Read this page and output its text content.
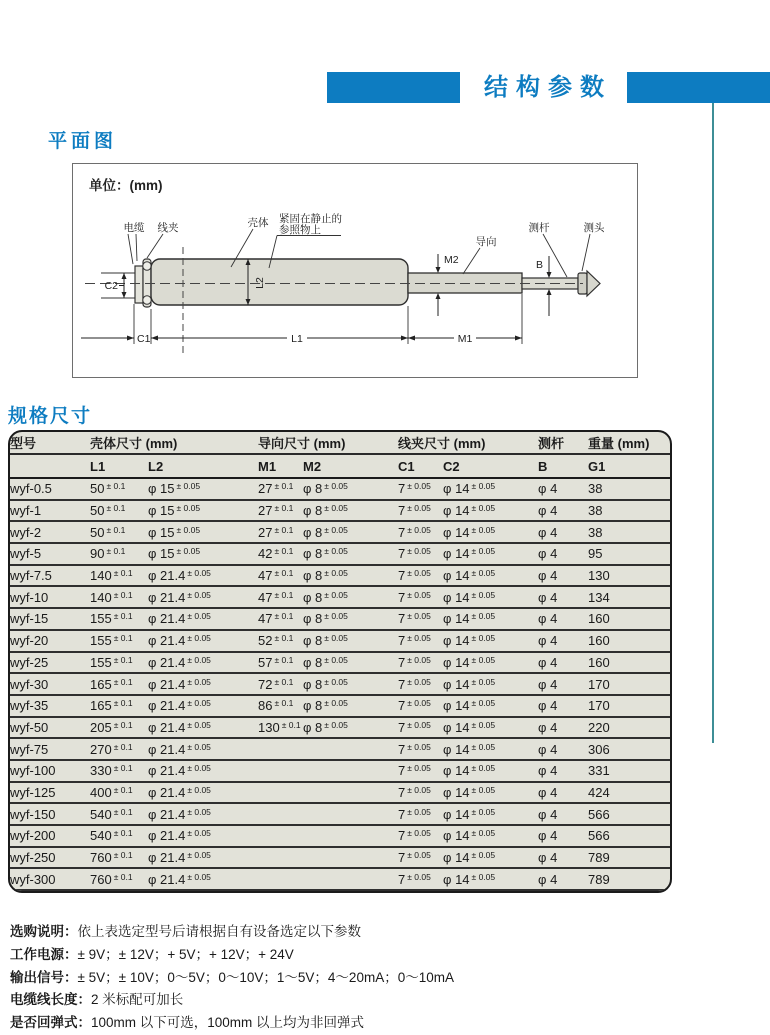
结构参数
平面图
单位：(mm)
C2	L2
C1	L1	M1
M2	B
电缆 线夹	壳体 紧固在静止的
参照物上
导向
测杆	测头
规格尺寸
型号	壳体尺寸 (mm)		导向尺寸 (mm)		线夹尺寸 (mm)		测杆	重量 (mm)	
	L1	L2	M1	M2	C1	C2	B	G1	
wyf-0.5	50 $^{\pm 0.1}$	φ 15 $^{\pm 0.05}$	27 $^{\pm 0.1}$	φ 8 $^{\pm 0.05}$	7 $^{\pm 0.05}$	φ 14 $^{\pm 0.05}$	φ 4	38	
wyf-1	50 $^{\pm 0.1}$	φ 15 $^{\pm 0.05}$	27 $^{\pm 0.1}$	φ 8 $^{\pm 0.05}$	7 $^{\pm 0.05}$	φ 14 $^{\pm 0.05}$	φ 4	38	
wyf-2	50 $^{\pm 0.1}$	φ 15 $^{\pm 0.05}$	27 $^{\pm 0.1}$	φ 8 $^{\pm 0.05}$	7 $^{\pm 0.05}$	φ 14 $^{\pm 0.05}$	φ 4	38	
wyf-5	90 $^{\pm 0.1}$	φ 15 $^{\pm 0.05}$	42 $^{\pm 0.1}$	φ 8 $^{\pm 0.05}$	7 $^{\pm 0.05}$	φ 14 $^{\pm 0.05}$	φ 4	95	
wyf-7.5	140 $^{\pm 0.1}$	φ 21.4 $^{\pm 0.05}$	47 $^{\pm 0.1}$	φ 8 $^{\pm 0.05}$	7 $^{\pm 0.05}$	φ 14 $^{\pm 0.05}$	φ 4	130	
wyf-10	140 $^{\pm 0.1}$	φ 21.4 $^{\pm 0.05}$	47 $^{\pm 0.1}$	φ 8 $^{\pm 0.05}$	7 $^{\pm 0.05}$	φ 14 $^{\pm 0.05}$	φ 4	134	
wyf-15	155 $^{\pm 0.1}$	φ 21.4 $^{\pm 0.05}$	47 $^{\pm 0.1}$	φ 8 $^{\pm 0.05}$	7 $^{\pm 0.05}$	φ 14 $^{\pm 0.05}$	φ 4	160	
wyf-20	155 $^{\pm 0.1}$	φ 21.4 $^{\pm 0.05}$	52 $^{\pm 0.1}$	φ 8 $^{\pm 0.05}$	7 $^{\pm 0.05}$	φ 14 $^{\pm 0.05}$	φ 4	160	
wyf-25	155 $^{\pm 0.1}$	φ 21.4 $^{\pm 0.05}$	57 $^{\pm 0.1}$	φ 8 $^{\pm 0.05}$	7 $^{\pm 0.05}$	φ 14 $^{\pm 0.05}$	φ 4	160	
wyf-30	165 $^{\pm 0.1}$	φ 21.4 $^{\pm 0.05}$	72 $^{\pm 0.1}$	φ 8 $^{\pm 0.05}$	7 $^{\pm 0.05}$	φ 14 $^{\pm 0.05}$	φ 4	170	
wyf-35	165 $^{\pm 0.1}$	φ 21.4 $^{\pm 0.05}$	86 $^{\pm 0.1}$	φ 8 $^{\pm 0.05}$	7 $^{\pm 0.05}$	φ 14 $^{\pm 0.05}$	φ 4	170	
wyf-50	205 $^{\pm 0.1}$	φ 21.4 $^{\pm 0.05}$	130 $^{\pm 0.1}$	φ 8 $^{\pm 0.05}$	7 $^{\pm 0.05}$	φ 14 $^{\pm 0.05}$	φ 4	220	
wyf-75	270 $^{\pm 0.1}$	φ 21.4 $^{\pm 0.05}$			7 $^{\pm 0.05}$	φ 14 $^{\pm 0.05}$	φ 4	306	
wyf-100	330 $^{\pm 0.1}$	φ 21.4 $^{\pm 0.05}$			7 $^{\pm 0.05}$	φ 14 $^{\pm 0.05}$	φ 4	331	
wyf-125	400 $^{\pm 0.1}$	φ 21.4 $^{\pm 0.05}$			7 $^{\pm 0.05}$	φ 14 $^{\pm 0.05}$	φ 4	424	
wyf-150	540 $^{\pm 0.1}$	φ 21.4 $^{\pm 0.05}$			7 $^{\pm 0.05}$	φ 14 $^{\pm 0.05}$	φ 4	566	
wyf-200	540 $^{\pm 0.1}$	φ 21.4 $^{\pm 0.05}$			7 $^{\pm 0.05}$	φ 14 $^{\pm 0.05}$	φ 4	566	
wyf-250	760 $^{\pm 0.1}$	φ 21.4 $^{\pm 0.05}$			7 $^{\pm 0.05}$	φ 14 $^{\pm 0.05}$	φ 4	789	
wyf-300	760 $^{\pm 0.1}$	φ 21.4 $^{\pm 0.05}$			7 $^{\pm 0.05}$	φ 14 $^{\pm 0.05}$	φ 4	789	

选购说明：依上表选定型号后请根据自有设备选定以下参数
工作电源：± 9V；± 12V；+ 5V；+ 12V；+ 24V
输出信号：± 5V；± 10V；0～5V；0～10V；1～5V；4～20mA；0～10mA
电缆线长度：2 米标配可加长
是否回弹式：100mm 以下可选，100mm 以上均为非回弹式
